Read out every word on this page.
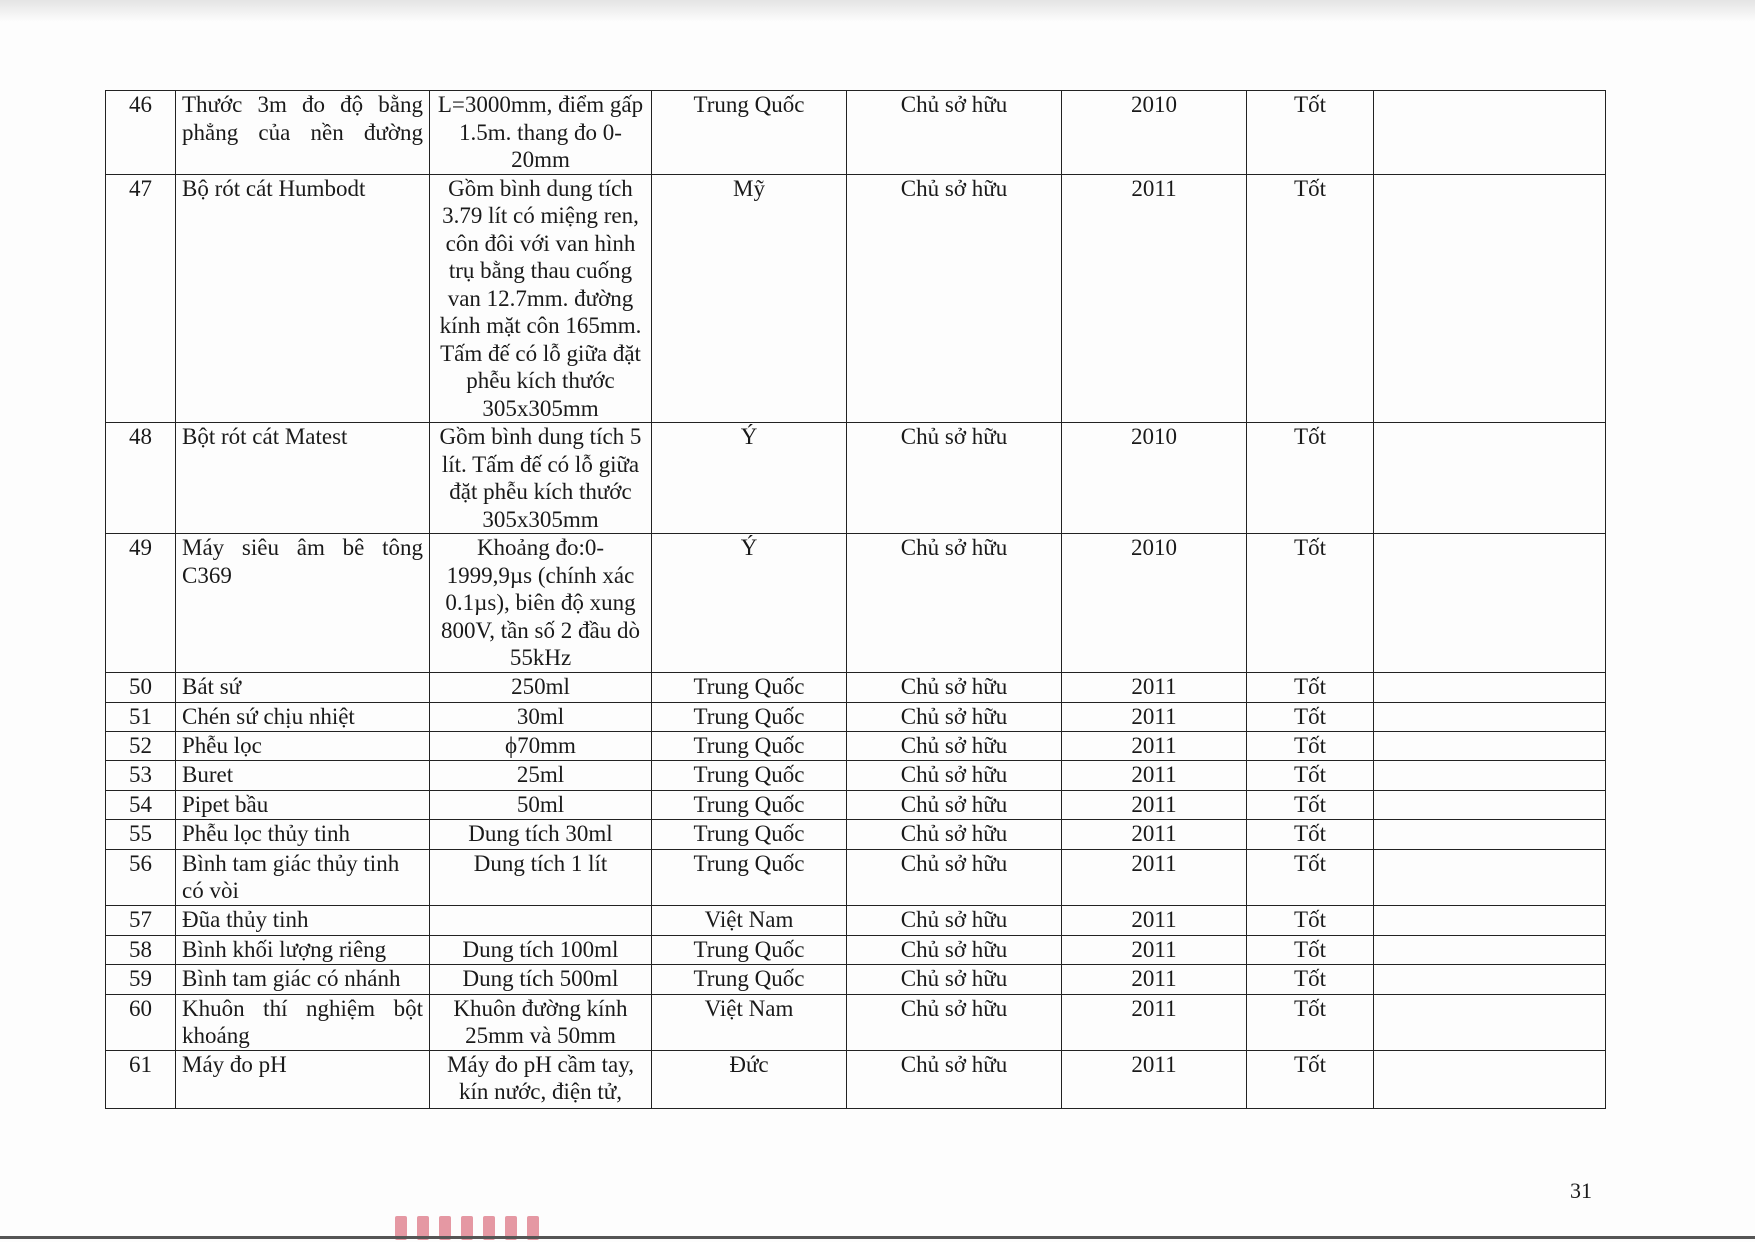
46	Thước 3m đo độ bằng phẳng của nền đường	L=3000mm, điểm gấp 1.5m. thang đo 0-20mm	Trung Quốc	Chủ sở hữu	2010	Tốt	
47	Bộ rót cát Humbodt	Gồm bình dung tích 3.79 lít có miệng ren, côn đôi với van hình trụ bằng thau cuống van 12.7mm. đường kính mặt côn 165mm. Tấm đế có lỗ giữa đặt phễu kích thước 305x305mm	Mỹ	Chủ sở hữu	2011	Tốt	
48	Bột rót cát Matest	Gồm bình dung tích 5 lít. Tấm đế có lỗ giữa đặt phễu kích thước 305x305mm	Ý	Chủ sở hữu	2010	Tốt	
49	Máy siêu âm bê tông C369	Khoảng đo:0-1999,9µs (chính xác 0.1µs), biên độ xung 800V, tần số 2 đầu dò 55kHz	Ý	Chủ sở hữu	2010	Tốt	
50	Bát sứ	250ml	Trung Quốc	Chủ sở hữu	2011	Tốt	
51	Chén sứ chịu nhiệt	30ml	Trung Quốc	Chủ sở hữu	2011	Tốt	
52	Phễu lọc	ϕ70mm	Trung Quốc	Chủ sở hữu	2011	Tốt	
53	Buret	25ml	Trung Quốc	Chủ sở hữu	2011	Tốt	
54	Pipet bầu	50ml	Trung Quốc	Chủ sở hữu	2011	Tốt	
55	Phễu lọc thủy tinh	Dung tích 30ml	Trung Quốc	Chủ sở hữu	2011	Tốt	
56	Bình tam giác thủy tinh có vòi	Dung tích 1 lít	Trung Quốc	Chủ sở hữu	2011	Tốt	
57	Đũa thủy tinh		Việt Nam	Chủ sở hữu	2011	Tốt	
58	Bình khối lượng riêng	Dung tích 100ml	Trung Quốc	Chủ sở hữu	2011	Tốt	
59	Bình tam giác có nhánh	Dung tích 500ml	Trung Quốc	Chủ sở hữu	2011	Tốt	
60	Khuôn thí nghiệm bột khoáng	Khuôn đường kính 25mm và 50mm	Việt Nam	Chủ sở hữu	2011	Tốt	
61	Máy đo pH	Máy đo pH cầm tay, kín nước, điện tử,	Đức	Chủ sở hữu	2011	Tốt	
31
